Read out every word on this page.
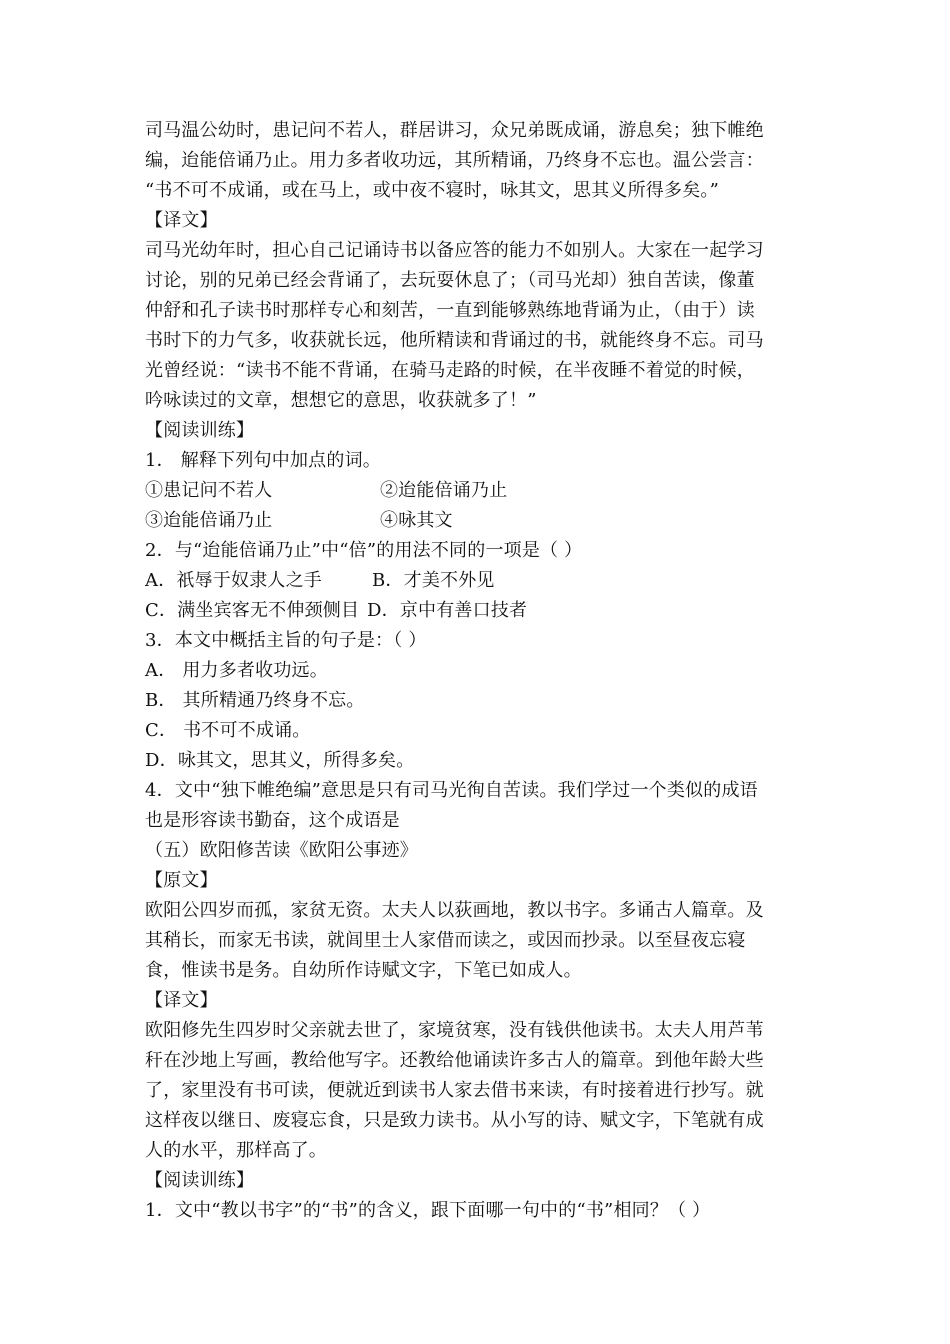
司马温公幼时，患记问不若人，群居讲习，众兄弟既成诵，游息矣；独下帷绝
编，迨能倍诵乃止。用力多者收功远，其所精诵，乃终身不忘也。温公尝言：
“书不可不成诵，或在马上，或中夜不寝时，咏其文，思其义所得多矣。”
【译文】
司马光幼年时，担心自己记诵诗书以备应答的能力不如别人。大家在一起学习
讨论，别的兄弟已经会背诵了，去玩耍休息了；（司马光却）独自苦读，像董
仲舒和孔子读书时那样专心和刻苦，一直到能够熟练地背诵为止，（由于）读
书时下的力气多，收获就长远，他所精读和背诵过的书，就能终身不忘。司马
光曾经说：“读书不能不背诵，在骑马走路的时候，在半夜睡不着觉的时候，
吟咏读过的文章，想想它的意思，收获就多了！”
【阅读训练】
1． 解释下列句中加点的词。
①患记问不若人	②迨能倍诵乃止
③迨能倍诵乃止	④咏其文
2．与“迨能倍诵乃止”中“倍”的用法不同的一项是（ ）
A．祇辱于奴隶人之手	B．才美不外见
C．满坐宾客无不伸颈侧目 D．京中有善口技者
3．本文中概括主旨的句子是：（ ）
A． 用力多者收功远。
B． 其所精通乃终身不忘。
C． 书不可不成诵。
D．咏其文，思其义，所得多矣。
4．文中“独下帷绝编”意思是只有司马光徇自苦读。我们学过一个类似的成语
也是形容读书勤奋，这个成语是
（五）欧阳修苦读《欧阳公事迹》
【原文】
欧阳公四岁而孤，家贫无资。太夫人以荻画地，教以书字。多诵古人篇章。及
其稍长，而家无书读，就闾里士人家借而读之，或因而抄录。以至昼夜忘寝
食，惟读书是务。自幼所作诗赋文字，下笔已如成人。
【译文】
欧阳修先生四岁时父亲就去世了，家境贫寒，没有钱供他读书。太夫人用芦苇
秆在沙地上写画，教给他写字。还教给他诵读许多古人的篇章。到他年龄大些
了，家里没有书可读，便就近到读书人家去借书来读，有时接着进行抄写。就
这样夜以继日、废寝忘食，只是致力读书。从小写的诗、赋文字，下笔就有成
人的水平，那样高了。
【阅读训练】
1．文中“教以书字”的“书”的含义，跟下面哪一句中的“书”相同？（ ）
